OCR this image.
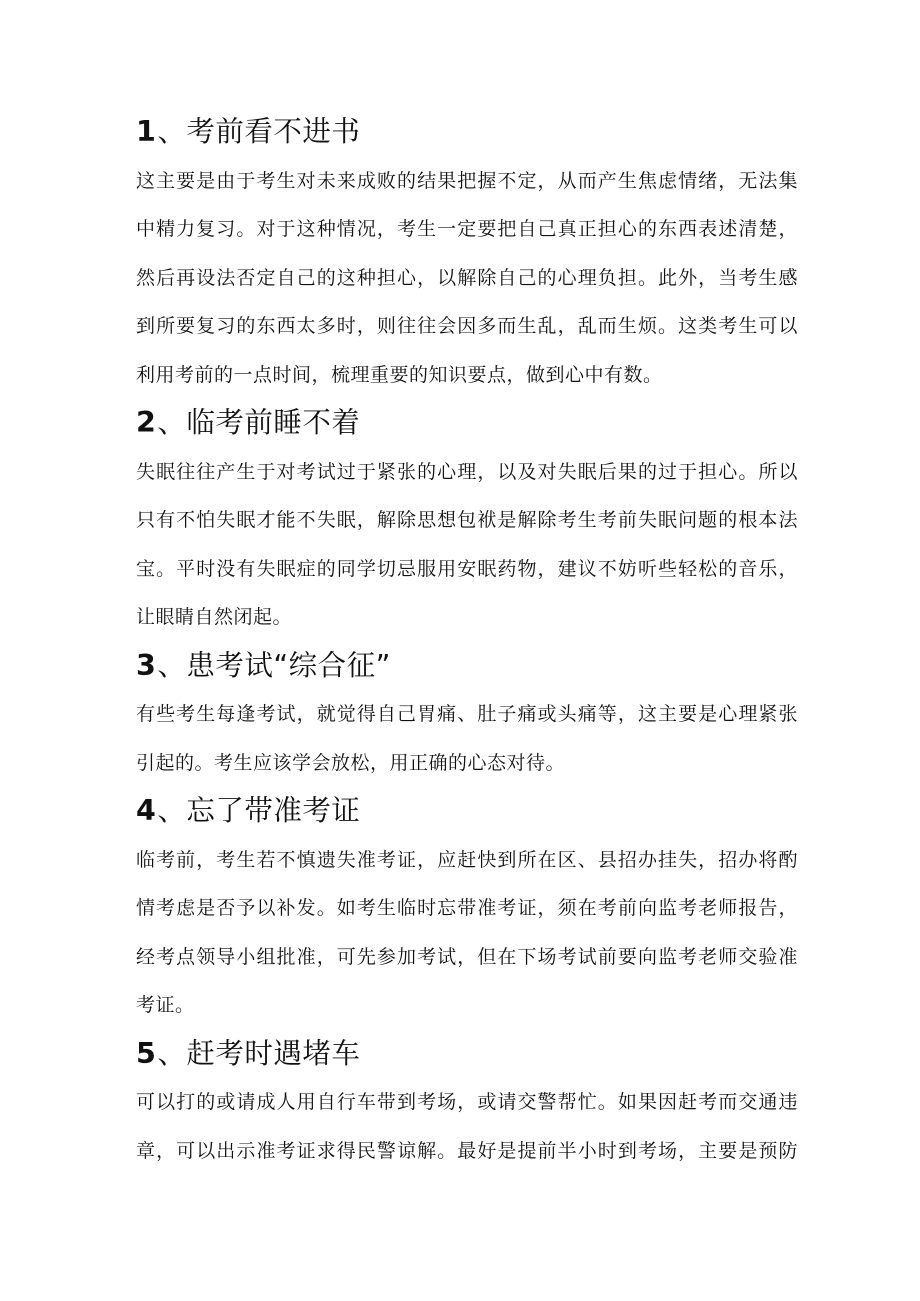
1、考前看不进书
这主要是由于考生对未来成败的结果把握不定，从而产生焦虑情绪，无法集
中精力复习。对于这种情况，考生一定要把自己真正担心的东西表述清楚，
然后再设法否定自己的这种担心，以解除自己的心理负担。此外，当考生感
到所要复习的东西太多时，则往往会因多而生乱，乱而生烦。这类考生可以
利用考前的一点时间，梳理重要的知识要点，做到心中有数。
2、临考前睡不着
失眠往往产生于对考试过于紧张的心理，以及对失眠后果的过于担心。所以
只有不怕失眠才能不失眠，解除思想包袱是解除考生考前失眠问题的根本法
宝。平时没有失眠症的同学切忌服用安眠药物，建议不妨听些轻松的音乐，
让眼睛自然闭起。
3、患考试“综合征”
有些考生每逢考试，就觉得自己胃痛、肚子痛或头痛等，这主要是心理紧张
引起的。考生应该学会放松，用正确的心态对待。
4、忘了带准考证
临考前，考生若不慎遗失准考证，应赶快到所在区、县招办挂失，招办将酌
情考虑是否予以补发。如考生临时忘带准考证，须在考前向监考老师报告，
经考点领导小组批准，可先参加考试，但在下场考试前要向监考老师交验准
考证。
5、赶考时遇堵车
可以打的或请成人用自行车带到考场，或请交警帮忙。如果因赶考而交通违
章，可以出示准考证求得民警谅解。最好是提前半小时到考场，主要是预防
